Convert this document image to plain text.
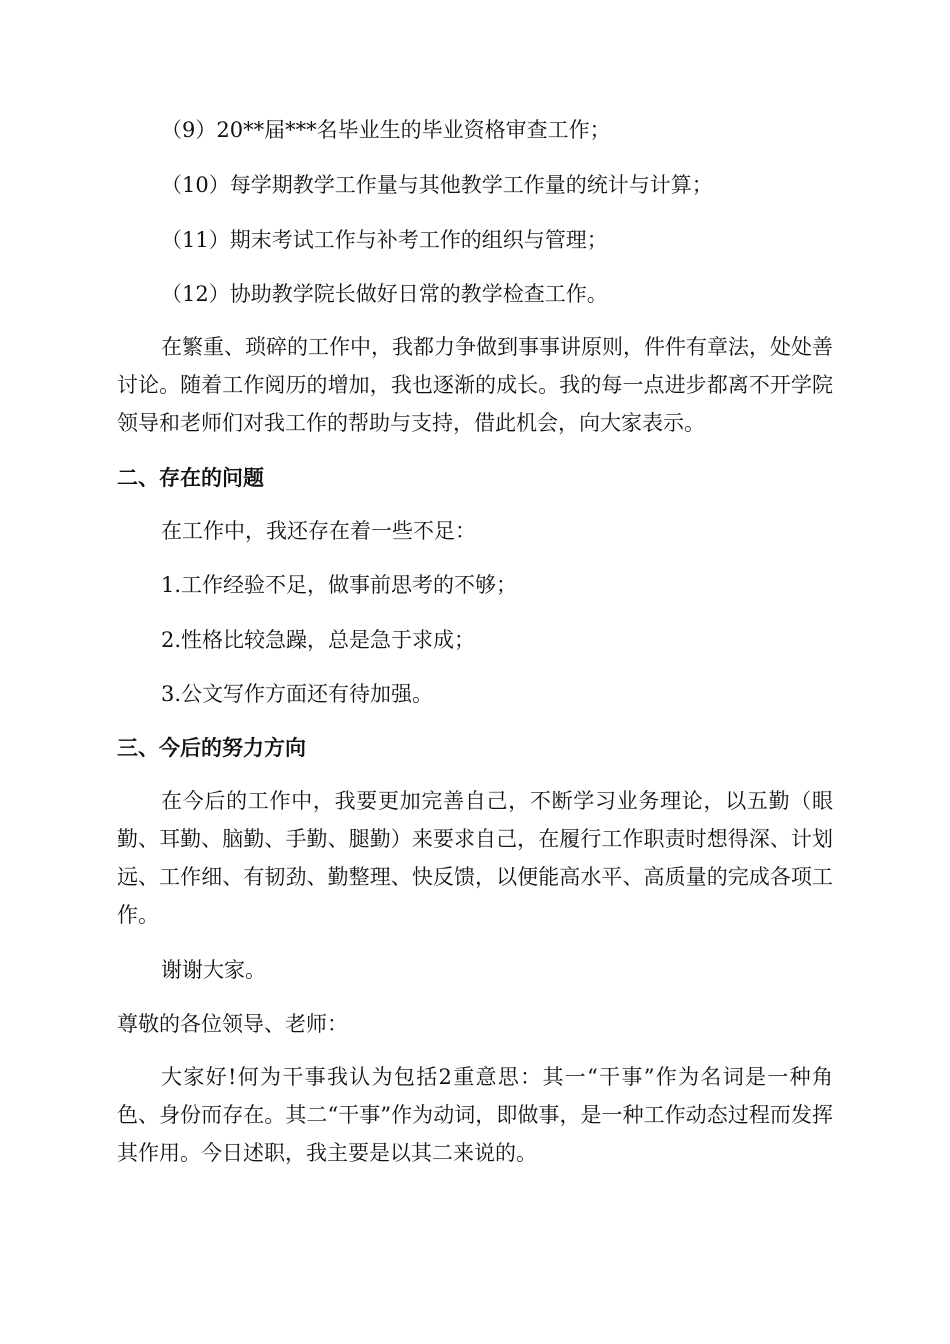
（9）20**届***名毕业生的毕业资格审查工作；
（10）每学期教学工作量与其他教学工作量的统计与计算；
（11）期末考试工作与补考工作的组织与管理；
（12）协助教学院长做好日常的教学检查工作。

在繁重、琐碎的工作中，我都力争做到事事讲原则，件件有章法，处处善讨论。随着工作阅历的增加，我也逐渐的成长。我的每一点进步都离不开学院领导和老师们对我工作的帮助与支持，借此机会，向大家表示。

二、存在的问题
在工作中，我还存在着一些不足：
1.工作经验不足，做事前思考的不够；
2.性格比较急躁，总是急于求成；
3.公文写作方面还有待加强。
三、今后的努力方向

在今后的工作中，我要更加完善自己，不断学习业务理论，以五勤（眼勤、耳勤、脑勤、手勤、腿勤）来要求自己，在履行工作职责时想得深、计划远、工作细、有韧劲、勤整理、快反馈，以便能高水平、高质量的完成各项工作。

谢谢大家。
尊敬的各位领导、老师：

大家好!何为干事我认为包括2重意思：其一“干事”作为名词是一种角色、身份而存在。其二“干事”作为动词，即做事，是一种工作动态过程而发挥其作用。今日述职，我主要是以其二来说的。
